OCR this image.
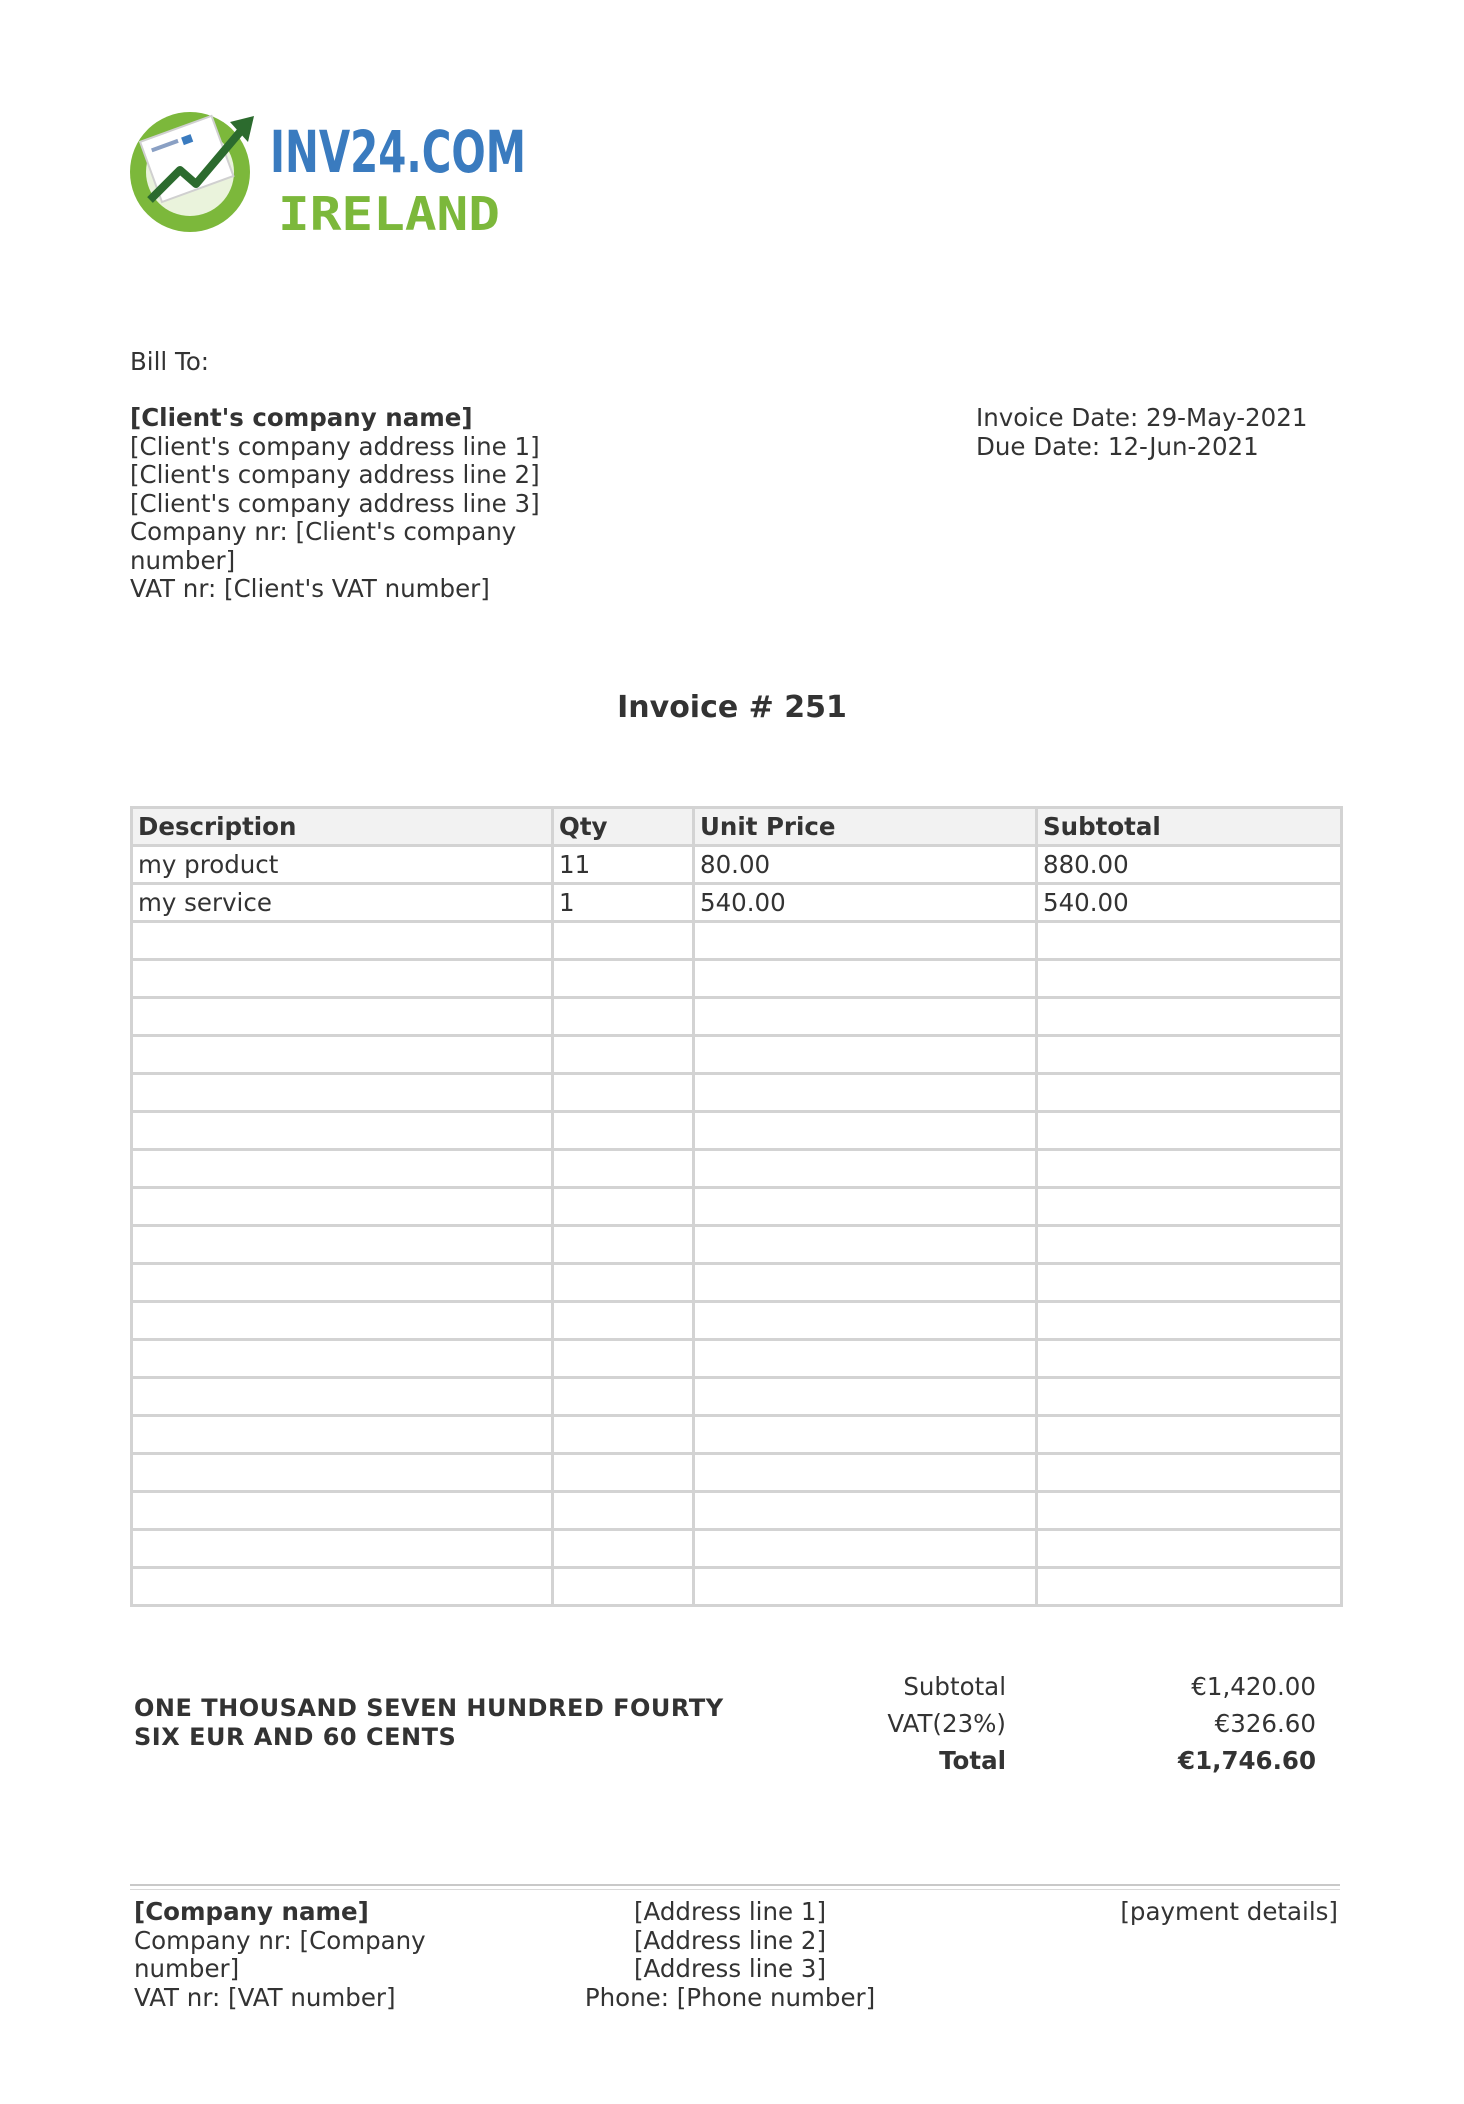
INV24.COM
IRELAND
Bill To:
[Client's company name]
[Client's company address line 1]
[Client's company address line 2]
[Client's company address line 3]
Company nr: [Client's company
number]
VAT nr: [Client's VAT number]
Invoice Date: 29-May-2021
Due Date: 12-Jun-2021
Invoice # 251
Description	Qty	Unit Price	Subtotal
my product	11	80.00	880.00
my service	1	540.00	540.00

ONE THOUSAND SEVEN HUNDRED FOURTY
SIX EUR AND 60 CENTS
Subtotal	€1,420.00
VAT(23%)	€326.60
Total	€1,746.60
[Company name]
Company nr: [Company
number]
VAT nr: [VAT number]
[Address line 1]
[Address line 2]
[Address line 3]
Phone: [Phone number]
[payment details]
